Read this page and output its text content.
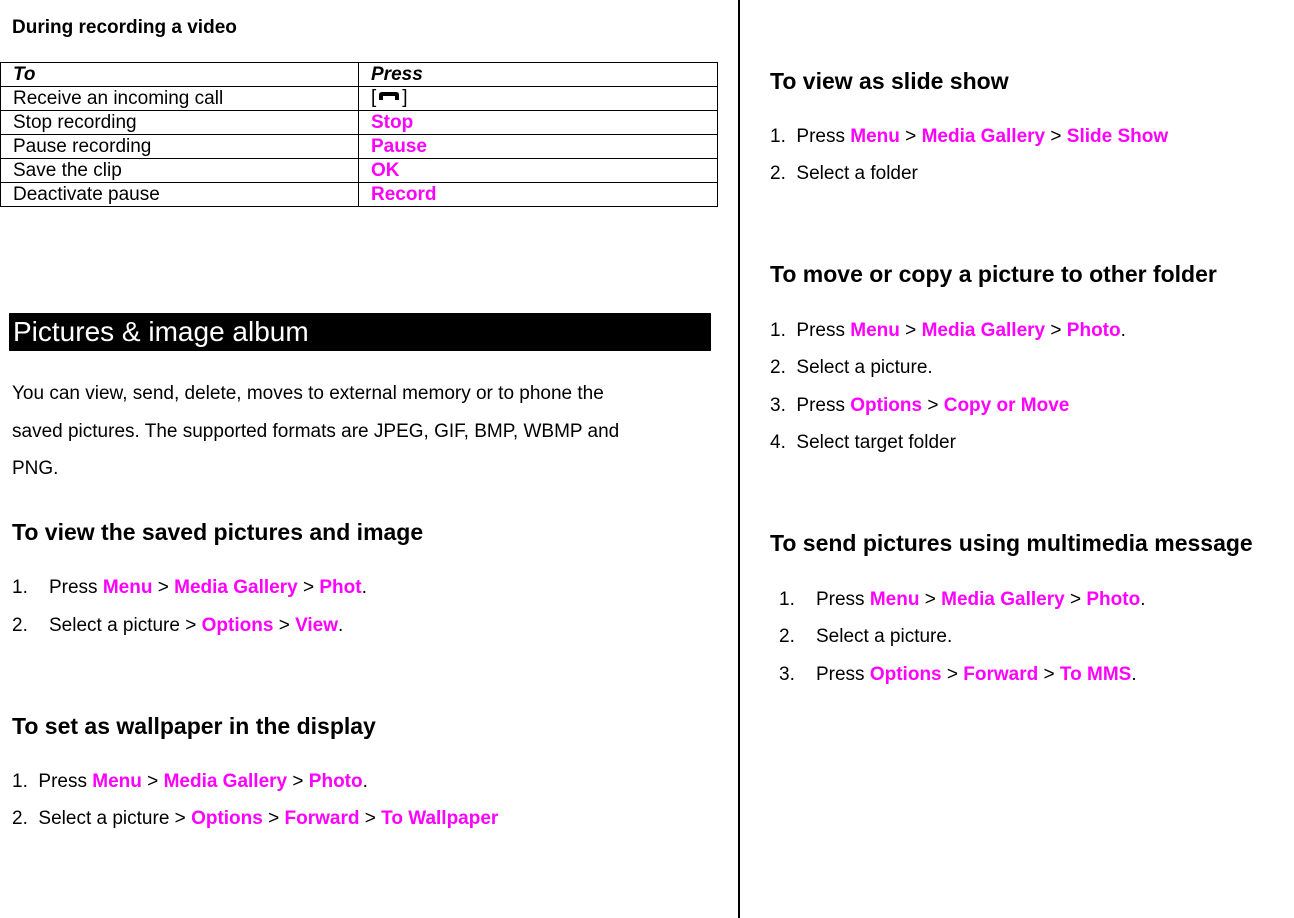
During recording a video
To	Press
Receive an incoming call	[ ]
Stop recording	Stop
Pause recording	Pause
Save the clip	OK
Deactivate pause	Record
Pictures & image album
You can view, send, delete, moves to external memory or to phone the
saved pictures. The supported formats are JPEG, GIF, BMP, WBMP and
PNG.
To view the saved pictures and image
1. Press Menu > Media Gallery > Phot.
2. Select a picture > Options > View.
To set as wallpaper in the display
1. Press Menu > Media Gallery > Photo.
2. Select a picture > Options > Forward > To Wallpaper
To view as slide show
1. Press Menu > Media Gallery > Slide Show
2. Select a folder
To move or copy a picture to other folder
1. Press Menu > Media Gallery > Photo.
2. Select a picture.
3. Press Options > Copy or Move
4. Select target folder
To send pictures using multimedia message
1. Press Menu > Media Gallery > Photo.
2. Select a picture.
3. Press Options > Forward > To MMS.
